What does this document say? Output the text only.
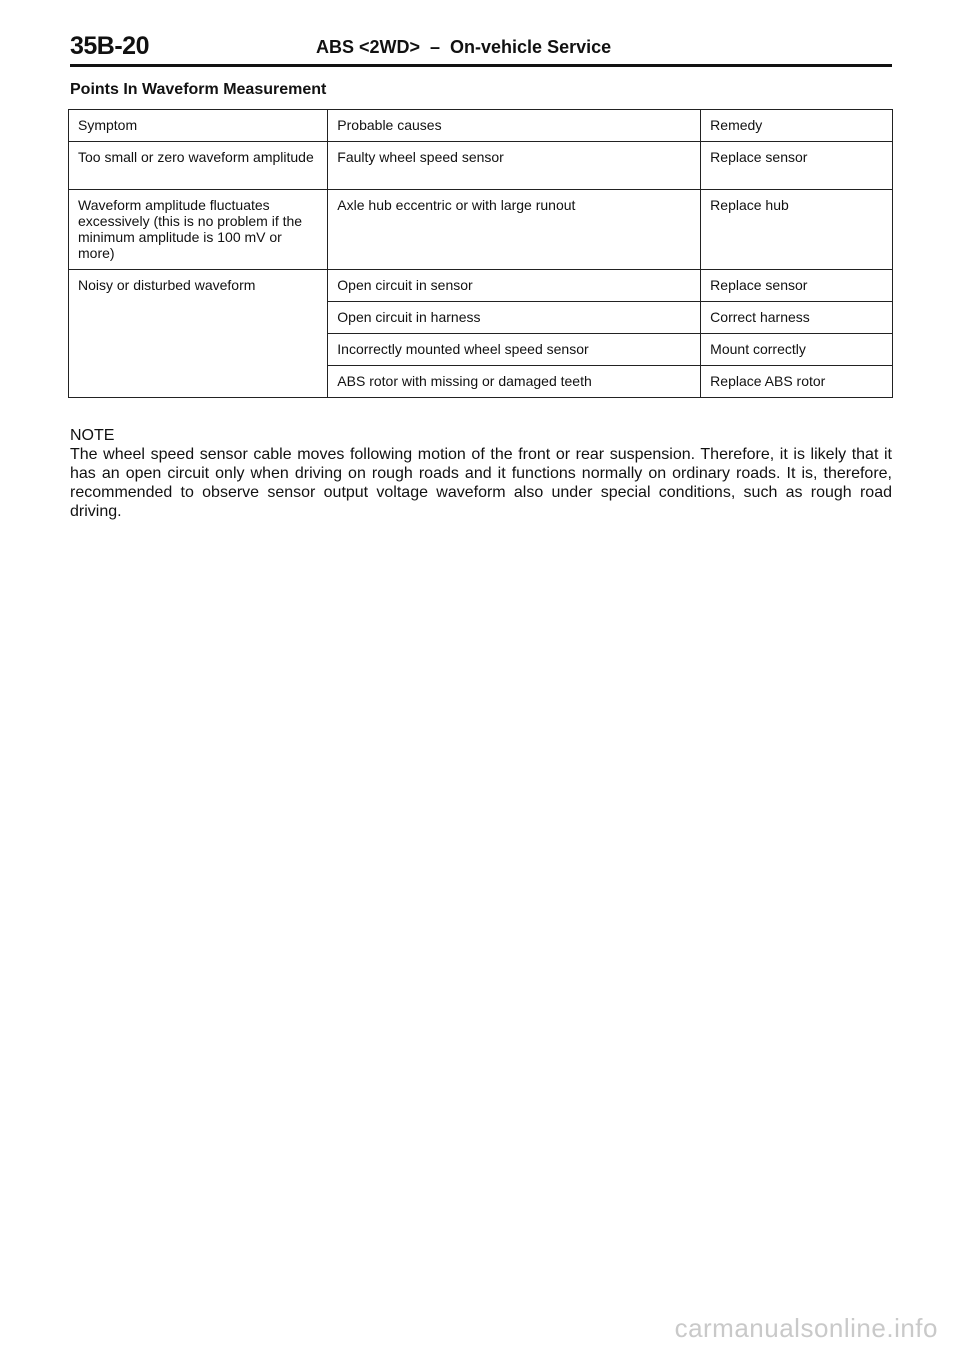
35B-20	ABS <2WD>  –  On-vehicle Service
Points In Waveform Measurement
Symptom	Probable causes	Remedy
Too small or zero waveform amplitude	Faulty wheel speed sensor	Replace sensor
Waveform amplitude fluctuates excessively (this is no problem if the minimum amplitude is 100 mV or more)	Axle hub eccentric or with large runout	Replace hub
Noisy or disturbed waveform	Open circuit in sensor	Replace sensor
	Open circuit in harness	Correct harness
	Incorrectly mounted wheel speed sensor	Mount correctly
	ABS rotor with missing or damaged teeth	Replace ABS rotor
NOTE
The wheel speed sensor cable moves following motion of the front or rear suspension. Therefore, it is likely that it has an open circuit only when driving on rough roads and it functions normally on ordinary roads. It is, therefore, recommended to observe sensor output voltage waveform also under special conditions, such as rough road driving.
carmanualsonline.info
